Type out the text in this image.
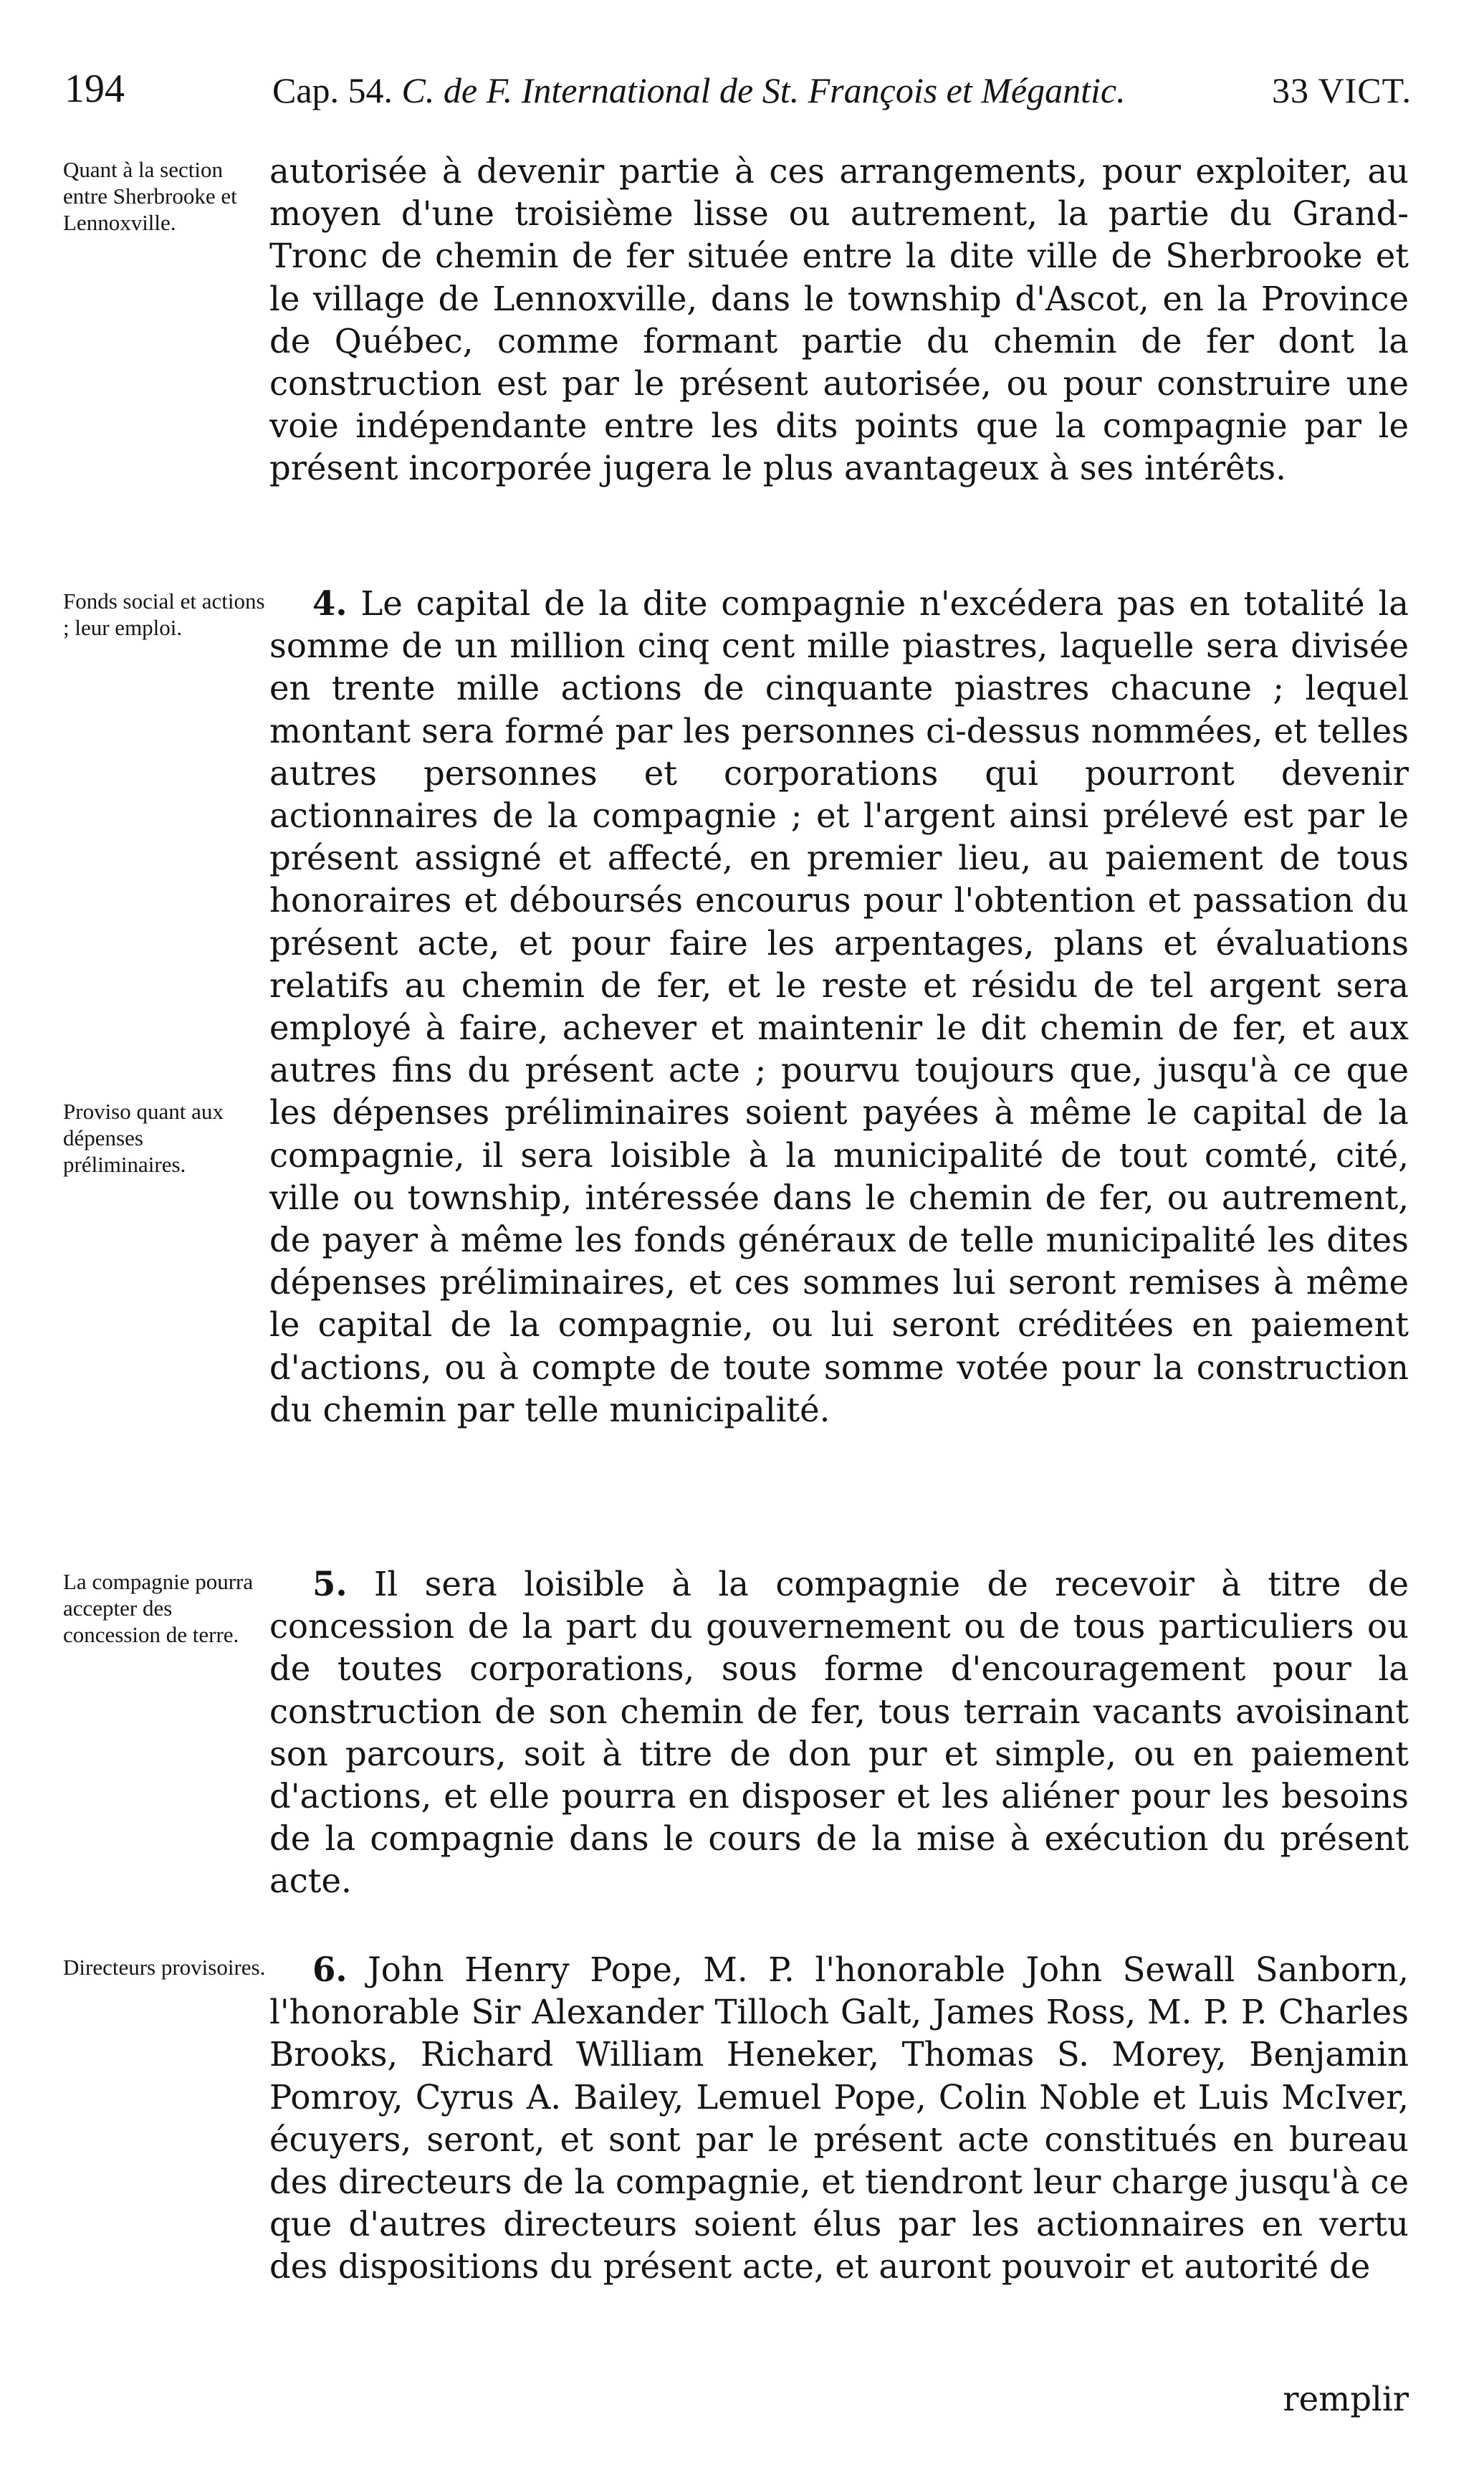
194	Cap. 54. C. de F. International de St. François et Mégantic.	33 VICT.
Quant à la section entre Sherbrooke et Lennoxville.
autorisée à devenir partie à ces arrangements, pour exploiter, au moyen d'une troisième lisse ou autrement, la partie du Grand-Tronc de chemin de fer située entre la dite ville de Sherbrooke et le village de Lennoxville, dans le township d'Ascot, en la Province de Québec, comme formant partie du chemin de fer dont la construction est par le présent autorisée, ou pour construire une voie indépendante entre les dits points que la compagnie par le présent incorporée jugera le plus avantageux à ses intérêts.
Fonds social et actions ; leur emploi.
Proviso quant aux dépenses préliminaires.
4. Le capital de la dite compagnie n'excédera pas en totalité la somme de un million cinq cent mille piastres, laquelle sera divisée en trente mille actions de cinquante piastres chacune ; lequel montant sera formé par les personnes ci-dessus nommées, et telles autres personnes et corporations qui pourront devenir actionnaires de la compagnie ; et l'argent ainsi prélevé est par le présent assigné et affecté, en premier lieu, au paiement de tous honoraires et déboursés encourus pour l'obtention et passation du présent acte, et pour faire les arpentages, plans et évaluations relatifs au chemin de fer, et le reste et résidu de tel argent sera employé à faire, achever et maintenir le dit chemin de fer, et aux autres fins du présent acte ; pourvu toujours que, jusqu'à ce que les dépenses préliminaires soient payées à même le capital de la compagnie, il sera loisible à la municipalité de tout comté, cité, ville ou township, intéressée dans le chemin de fer, ou autrement, de payer à même les fonds généraux de telle municipalité les dites dépenses préliminaires, et ces sommes lui seront remises à même le capital de la compagnie, ou lui seront créditées en paiement d'actions, ou à compte de toute somme votée pour la construction du chemin par telle municipalité.
La compagnie pourra accepter des concession de terre.
5. Il sera loisible à la compagnie de recevoir à titre de concession de la part du gouvernement ou de tous particuliers ou de toutes corporations, sous forme d'encouragement pour la construction de son chemin de fer, tous terrain vacants avoisinant son parcours, soit à titre de don pur et simple, ou en paiement d'actions, et elle pourra en disposer et les aliéner pour les besoins de la compagnie dans le cours de la mise à exécution du présent acte.
Directeurs provisoires.	6. John Henry Pope, M. P. l'honorable John Sewall Sanborn, l'honorable Sir Alexander Tilloch Galt, James Ross, M. P. P. Charles Brooks, Richard William Heneker, Thomas S. Morey, Benjamin Pomroy, Cyrus A. Bailey, Lemuel Pope, Colin Noble et Luis McIver, écuyers, seront, et sont par le présent acte constitués en bureau des directeurs de la compagnie, et tiendront leur charge jusqu'à ce que d'autres directeurs soient élus par les actionnaires en vertu des dispositions du présent acte, et auront pouvoir et autorité de
remplir
